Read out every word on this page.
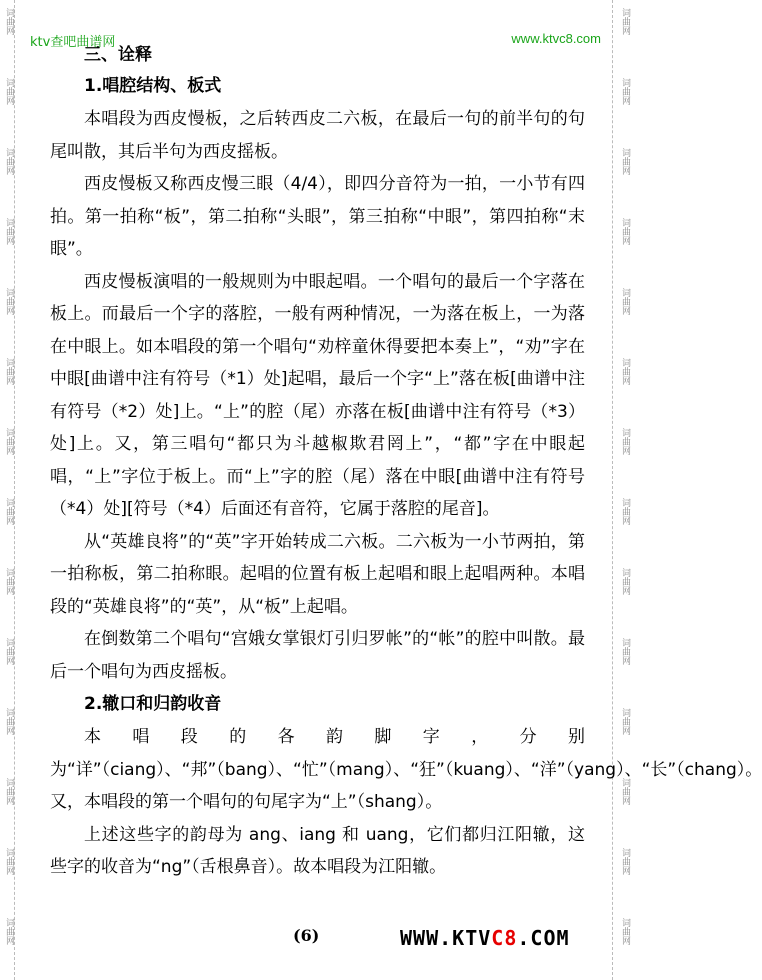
词曲网
词曲网
词曲网
词曲网
词曲网
词曲网
词曲网
词曲网
词曲网
词曲网
词曲网
词曲网
词曲网
词曲网
词曲网
词曲网
词曲网
词曲网
词曲网
词曲网
词曲网
词曲网
词曲网
词曲网
词曲网
词曲网
词曲网
词曲网
ktv查吧曲谱网	www.ktvc8.com
三、诠释
1.唱腔结构、板式

本唱段为西皮慢板，之后转西皮二六板，在最后一句的前半句的句尾叫散，其后半句为西皮摇板。

西皮慢板又称西皮慢三眼（4/4），即四分音符为一拍，一小节有四拍。第一拍称“板”，第二拍称“头眼”，第三拍称“中眼”，第四拍称“末眼”。

西皮慢板演唱的一般规则为中眼起唱。一个唱句的最后一个字落在板上。而最后一个字的落腔，一般有两种情况，一为落在板上，一为落在中眼上。如本唱段的第一个唱句“劝梓童休得要把本奏上”，“劝”字在中眼[曲谱中注有符号（*1）处]起唱，最后一个字“上”落在板[曲谱中注有符号（*2）处]上。“上”的腔（尾）亦落在板[曲谱中注有符号（*3）处]上。又，第三唱句“都只为斗越椒欺君罔上”，“都”字在中眼起唱，“上”字位于板上。而“上”字的腔（尾）落在中眼[曲谱中注有符号（*4）处][符号（*4）后面还有音符，它属于落腔的尾音]。

从“英雄良将”的“英”字开始转成二六板。二六板为一小节两拍，第一拍称板，第二拍称眼。起唱的位置有板上起唱和眼上起唱两种。本唱段的“英雄良将”的“英”，从“板”上起唱。

在倒数第二个唱句“宫娥女掌银灯引归罗帐”的“帐”的腔中叫散。最后一个唱句为西皮摇板。

2.辙口和归韵收音

本唱段的各韵脚字，分别为“详”（ciang）、“邦”（bang）、“忙”（mang）、“狂”（kuang）、“洋”（yang）、“长”（chang）。又，本唱段的第一个唱句的句尾字为“上”（shang）。

上述这些字的韵母为 ang、iang 和 uang，它们都归江阳辙，这些字的收音为“ng”（舌根鼻音）。故本唱段为江阳辙。

(6)	WWW.KTVC8.COM
